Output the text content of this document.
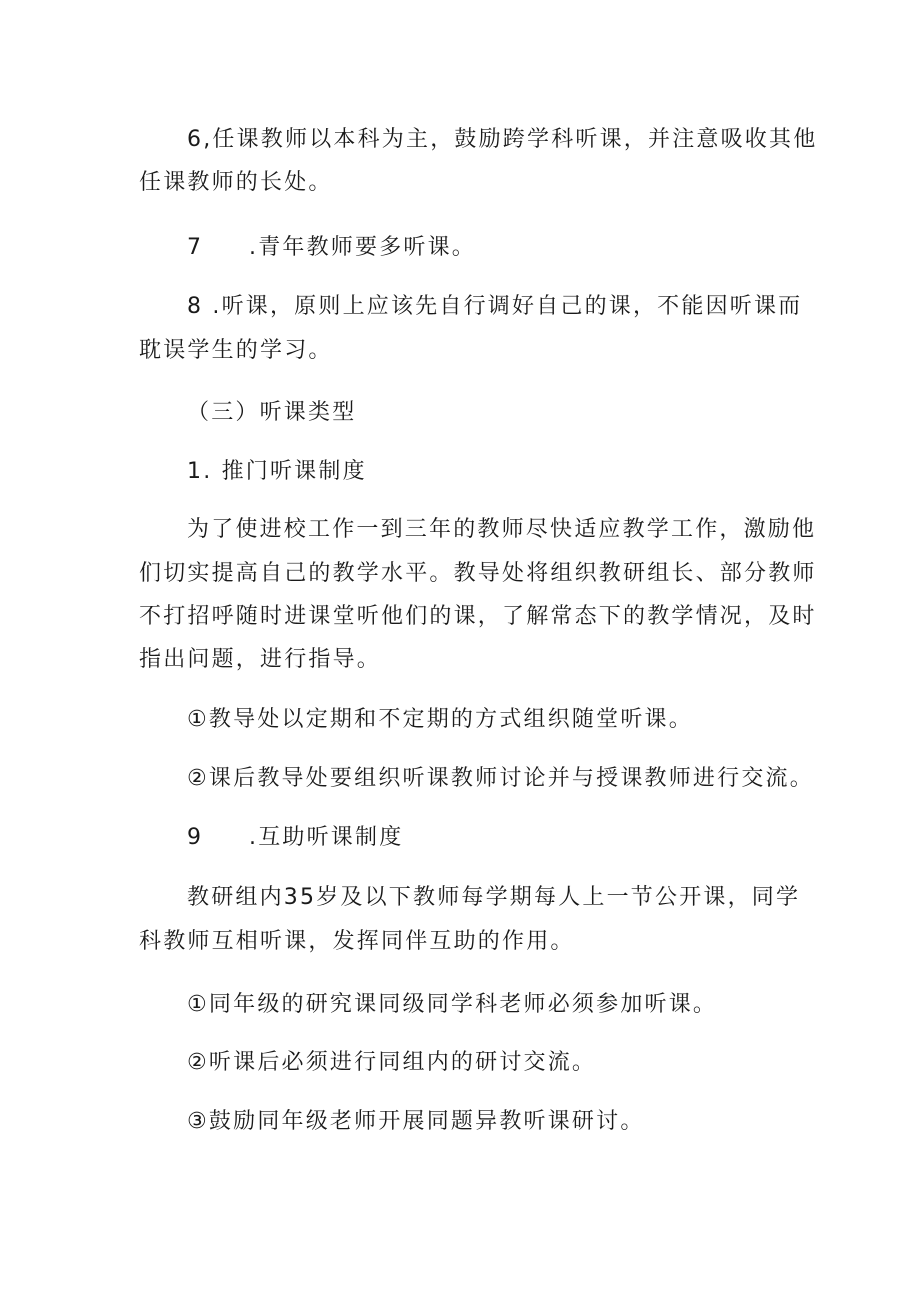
6,任课教师以本科为主，鼓励跨学科听课，并注意吸收其他
任课教师的长处。
7 .青年教师要多听课。
8 .听课，原则上应该先自行调好自己的课，不能因听课而
耽误学生的学习。
（三）听课类型
1. 推门听课制度
为了使进校工作一到三年的教师尽快适应教学工作，激励他
们切实提高自己的教学水平。教导处将组织教研组长、部分教师
不打招呼随时进课堂听他们的课，了解常态下的教学情况，及时
指出问题，进行指导。
①教导处以定期和不定期的方式组织随堂听课。
②课后教导处要组织听课教师讨论并与授课教师进行交流。
9 .互助听课制度
教研组内35岁及以下教师每学期每人上一节公开课，同学
科教师互相听课，发挥同伴互助的作用。
①同年级的研究课同级同学科老师必须参加听课。
②听课后必须进行同组内的研讨交流。
③鼓励同年级老师开展同题异教听课研讨。
